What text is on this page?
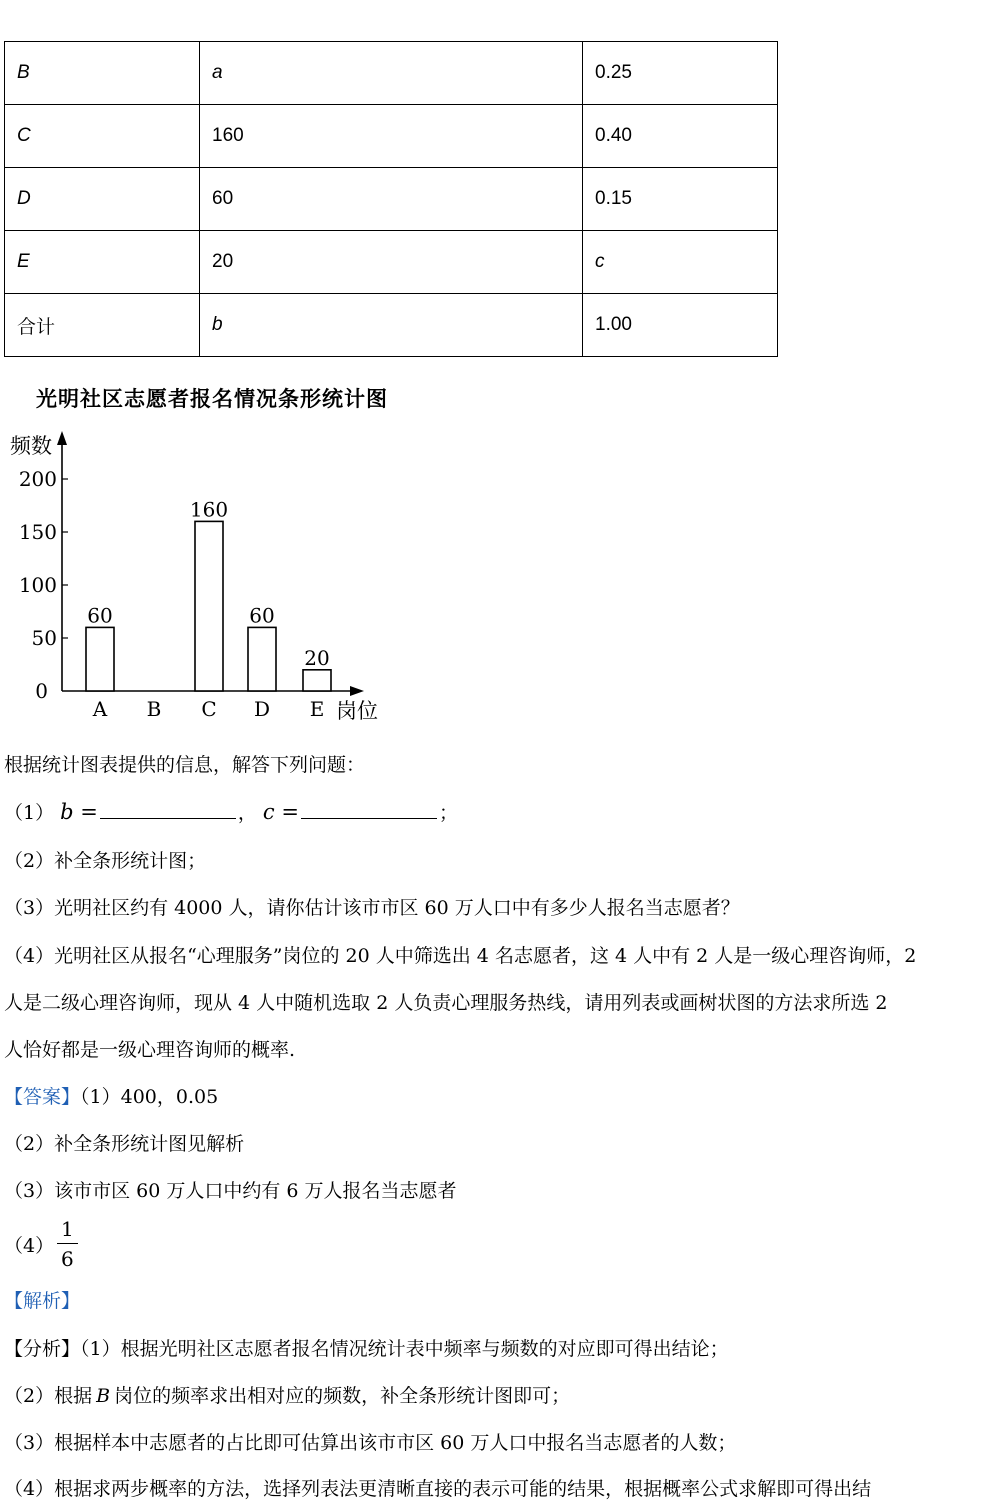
B	a	0.25
C	160	0.40
D	60	0.15
E	20	c
合计	b	1.00
光明社区志愿者报名情况条形统计图
0
50
100
150
200
频数
岗位
A
60
B C
160
D
60
E
20
根据统计图表提供的信息，解答下列问题：
（1） b =	， c =	；
（2）补全条形统计图；
（3）光明社区约有 4000 人，请你估计该市市区 60 万人口中有多少人报名当志愿者？
（4）光明社区从报名“心理服务”岗位的 20 人中筛选出 4 名志愿者，这 4 人中有 2 人是一级心理咨询师，2
人是二级心理咨询师，现从 4 人中随机选取 2 人负责心理服务热线，请用列表或画树状图的方法求所选 2
人恰好都是一级心理咨询师的概率.
【答案】（1）400，0.05
（2）补全条形统计图见解析
（3）该市市区 60 万人口中约有 6 万人报名当志愿者
$(4) \frac{1}{6}$
【解析】
【分析】（1）根据光明社区志愿者报名情况统计表中频率与频数的对应即可得出结论；
（2）根据 B 岗位的频率求出相对应的频数，补全条形统计图即可；
（3）根据样本中志愿者的占比即可估算出该市市区 60 万人口中报名当志愿者的人数；
（4）根据求两步概率的方法，选择列表法更清晰直接的表示可能的结果，根据概率公式求解即可得出结
